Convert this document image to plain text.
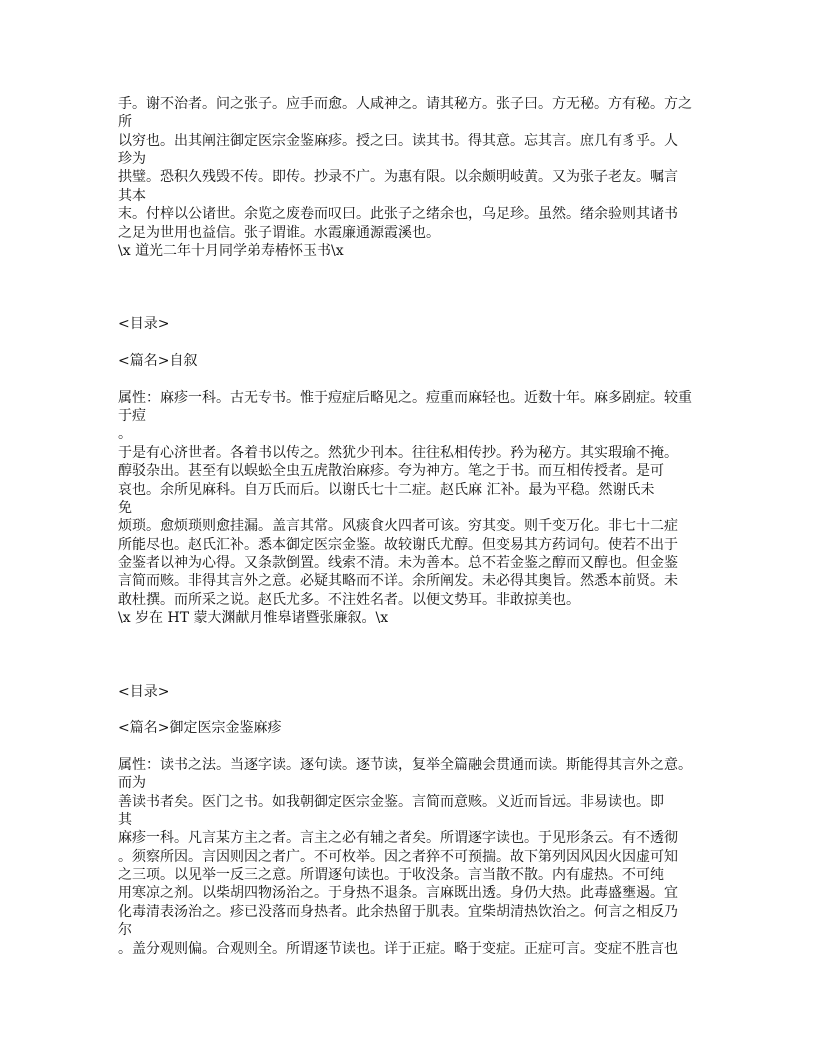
手。谢不治者。问之张子。应手而愈。人咸神之。请其秘方。张子曰。方无秘。方有秘。方之
所
以穷也。出其阐注御定医宗金鉴麻疹。授之曰。读其书。得其意。忘其言。庶几有豸乎。人
珍为
拱璧。恐积久残毁不传。即传。抄录不广。为惠有限。以余颇明岐黄。又为张子老友。嘱言
其本
末。付梓以公诸世。余览之废卷而叹曰。此张子之绪余也，乌足珍。虽然。绪余验则其诸书
之足为世用也益信。张子谓谁。水霞廉通源霞溪也。
\x 道光二年十月同学弟寿椿怀玉书\x
<目录>
<篇名>自叙
属性：麻疹一科。古无专书。惟于痘症后略见之。痘重而麻轻也。近数十年。麻多剧症。较重
于痘
。
于是有心济世者。各着书以传之。然犹少刊本。往往私相传抄。矜为秘方。其实瑕瑜不掩。
醇驳杂出。甚至有以蜈蚣全虫五虎散治麻疹。夸为神方。笔之于书。而互相传授者。是可
哀也。余所见麻科。自万氏而后。以谢氏七十二症。赵氏麻 汇补。最为平稳。然谢氏未
免
烦琐。愈烦琐则愈挂漏。盖言其常。风痰食火四者可该。穷其变。则千变万化。非七十二症
所能尽也。赵氏汇补。悉本御定医宗金鉴。故较谢氏尤醇。但变易其方药词句。使若不出于
金鉴者以神为心得。又条款倒置。线索不清。未为善本。总不若金鉴之醇而又醇也。但金鉴
言简而赅。非得其言外之意。必疑其略而不详。余所阐发。未必得其奥旨。然悉本前贤。未
敢杜撰。而所采之说。赵氏尤多。不注姓名者。以便文势耳。非敢掠美也。
\x 岁在 HT 蒙大渊献月惟皋诸暨张廉叙。\x
<目录>
<篇名>御定医宗金鉴麻疹
属性：读书之法。当逐字读。逐句读。逐节读，复举全篇融会贯通而读。斯能得其言外之意。
而为
善读书者矣。医门之书。如我朝御定医宗金鉴。言简而意赅。义近而旨远。非易读也。即
其
麻疹一科。凡言某方主之者。言主之必有辅之者矣。所谓逐字读也。于见形条云。有不透彻
。须察所因。言因则因之者广。不可枚举。因之者猝不可预揣。故下第列因风因火因虚可知
之三项。以见举一反三之意。所谓逐句读也。于收没条。言当散不散。内有虚热。不可纯
用寒凉之剂。以柴胡四物汤治之。于身热不退条。言麻既出透。身仍大热。此毒盛壅遏。宜
化毒清表汤治之。疹已没落而身热者。此余热留于肌表。宜柴胡清热饮治之。何言之相反乃
尔
。盖分观则偏。合观则全。所谓逐节读也。详于正症。略于变症。正症可言。变症不胜言也
